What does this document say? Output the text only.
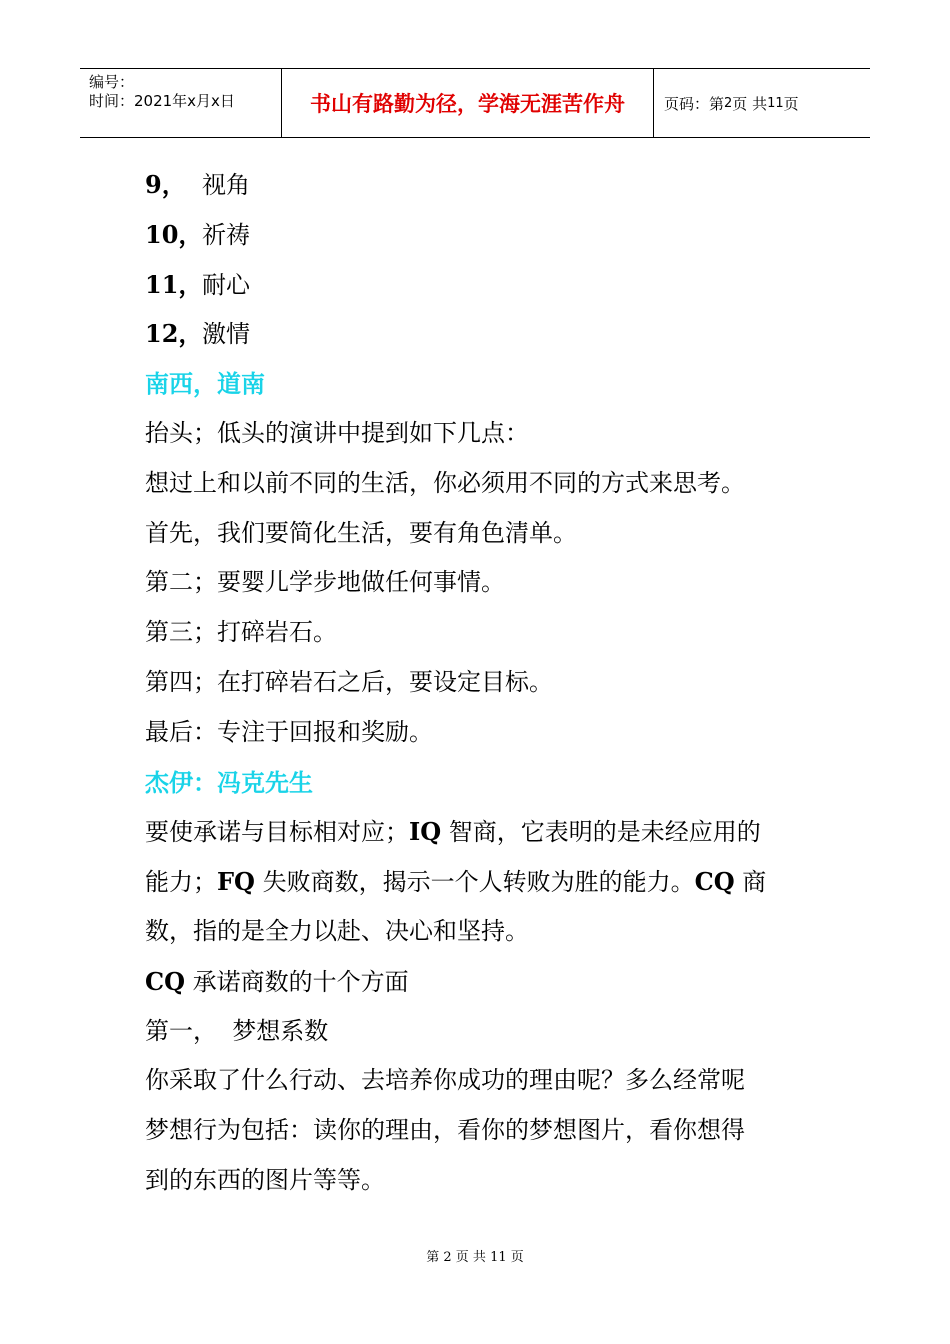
编号：
时间：2021年x月x日	书山有路勤为径，学海无涯苦作舟	页码：第 2 页 共 11 页
9， 视角
10，祈祷
11，耐心
12，激情
南西，道南
抬头；低头的演讲中提到如下几点：
想过上和以前不同的生活，你必须用不同的方式来思考。
首先，我们要简化生活，要有角色清单。
第二；要婴儿学步地做任何事情。
第三；打碎岩石。
第四；在打碎岩石之后，要设定目标。
最后：专注于回报和奖励。
杰伊：冯克先生
要使承诺与目标相对应；IQ 智商，它表明的是未经应用的
能力；FQ 失败商数，揭示一个人转败为胜的能力。CQ 商
数，指的是全力以赴、决心和坚持。
CQ 承诺商数的十个方面
第一，  梦想系数
你采取了什么行动、去培养你成功的理由呢？多么经常呢
梦想行为包括：读你的理由，看你的梦想图片，看你想得
到的东西的图片等等。
第 2 页 共 11 页
